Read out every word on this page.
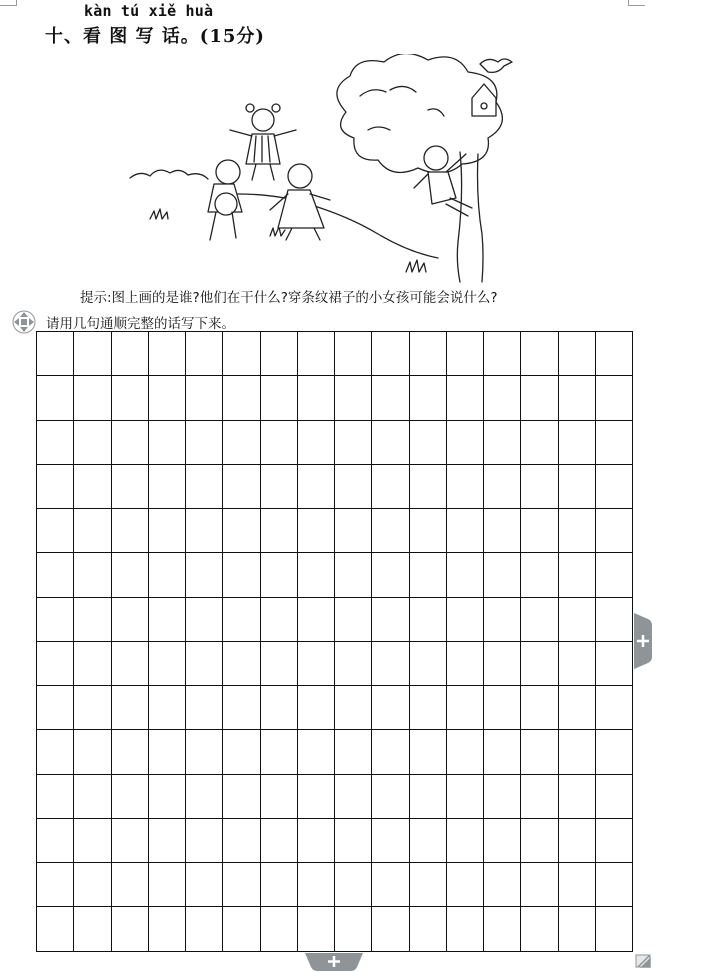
kàn tú xiě huà
十、看 图 写 话。(15分)
提示:图上画的是谁?他们在干什么?穿条纹裙子的小女孩可能会说什么?
请用几句通顺完整的话写下来。
